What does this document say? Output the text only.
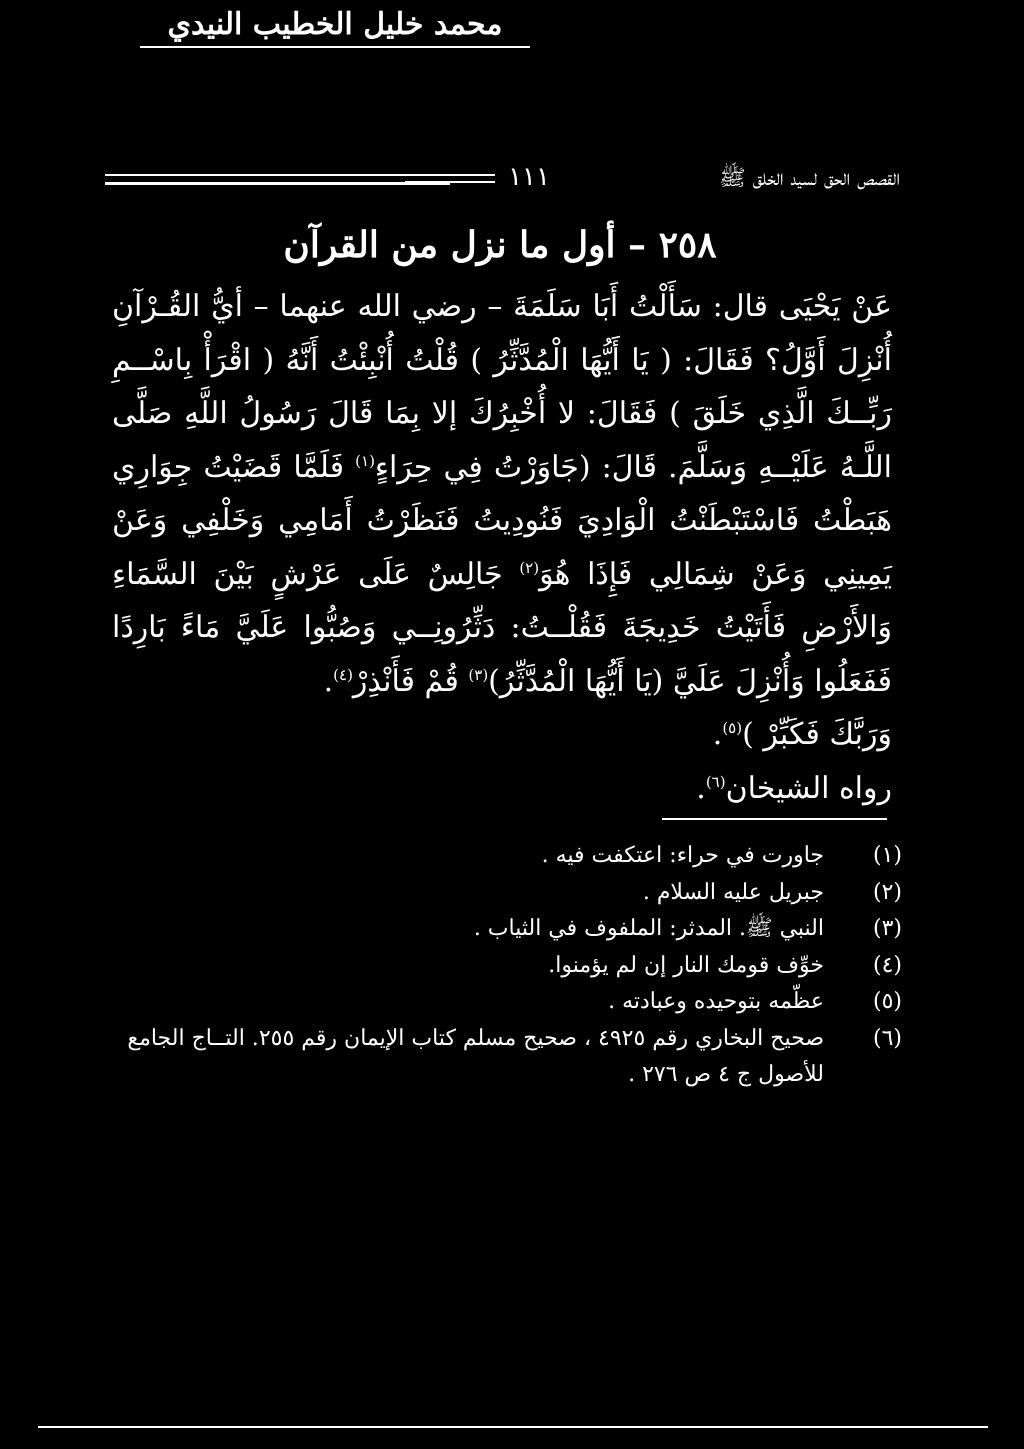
محمد خليل الخطيب النيدي
القصص الحق لسيد الخلق ﷺ
١١١
٢٥٨ – أول ما نزل من القرآن

عَنْ يَحْيَى قال: سَأَلْتُ أَبَا سَلَمَةَ – رضي الله عنهما – أيُّ القُـرْآنِ أُنْزِلَ أَوَّلُ؟ فَقَالَ: ( يَا أَيُّهَا الْمُدَّثِّرُ ) قُلْتُ أُنْبِئْتُ أَنَّهُ ( اقْرَأْ بِاسْــمِ رَبِّــكَ الَّذِي خَلَقَ ) فَقَالَ: لا أُخْبِرُكَ إلا بِمَا قَالَ رَسُولُ اللَّهِ صَلَّى اللَّـهُ عَلَيْــهِ وَسَلَّمَ. قَالَ: (جَاوَرْتُ فِي حِرَاءٍ$^{(١)}$ فَلَمَّا قَضَيْتُ جِوَارِي هَبَطْتُ فَاسْتَبْطَنْتُ الْوَادِيَ فَنُودِيتُ فَنَظَرْتُ أَمَامِي وَخَلْفِي وَعَنْ يَمِينِي وَعَنْ شِمَالِي فَإِذَا هُوَ$^{(٢)}$ جَالِسٌ عَلَى عَرْشٍ بَيْنَ السَّمَاءِ وَالأَرْضِ فَأَتَيْتُ خَدِيجَةَ فَقُلْــتُ: دَثِّرُونِــي وَصُبُّوا عَلَيَّ مَاءً بَارِدًا فَفَعَلُوا وَأُنْزِلَ عَلَيَّ (يَا أَيُّهَا الْمُدَّثِّرُ)$^{(٣)}$ قُمْ فَأَنْذِرْ$^{(٤)}$.

وَرَبَّكَ فَكَبِّرْ )$^{(٥)}$.

رواه الشيخان$^{(٦)}$.

(١)
جاورت في حراء: اعتكفت فيه .
(٢)
جبريل عليه السلام .
(٣)
النبي ﷺ. المدثر: الملفوف في الثياب .
(٤)
خوِّف قومك النار إن لم يؤمنوا.
(٥)
عظّمه بتوحيده وعبادته .
(٦)
صحيح البخاري رقم ٤٩٢٥ ، صحيح مسلم كتاب الإيمان رقم ٢٥٥. التــاج الجامع للأصول ج ٤ ص ٢٧٦ .
